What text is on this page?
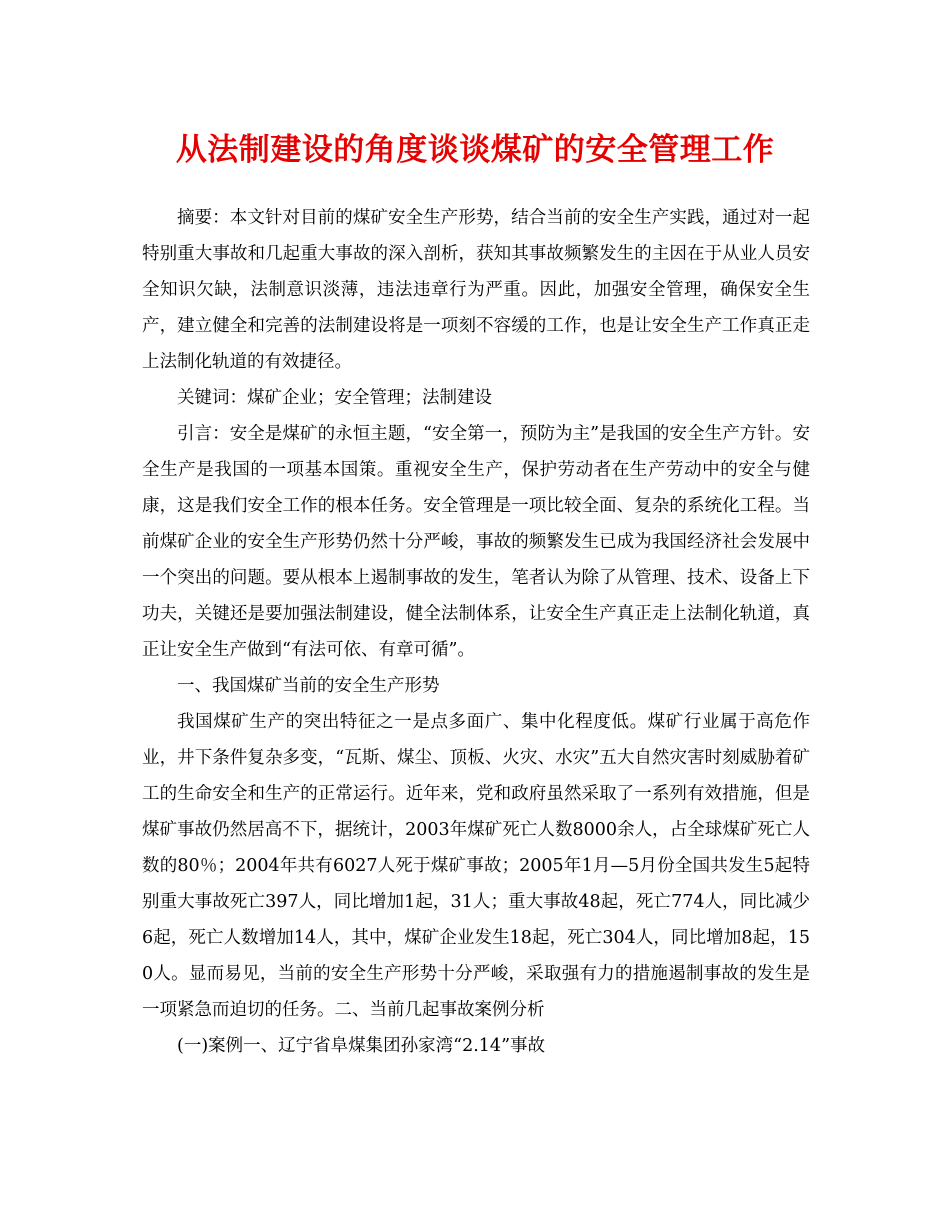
从法制建设的角度谈谈煤矿的安全管理工作

摘要：本文针对目前的煤矿安全生产形势，结合当前的安全生产实践，通过对一起特别重大事故和几起重大事故的深入剖析，获知其事故频繁发生的主因在于从业人员安全知识欠缺，法制意识淡薄，违法违章行为严重。因此，加强安全管理，确保安全生产，建立健全和完善的法制建设将是一项刻不容缓的工作，也是让安全生产工作真正走上法制化轨道的有效捷径。

关键词：煤矿企业；安全管理；法制建设

引言：安全是煤矿的永恒主题，“安全第一，预防为主”是我国的安全生产方针。安全生产是我国的一项基本国策。重视安全生产，保护劳动者在生产劳动中的安全与健康，这是我们安全工作的根本任务。安全管理是一项比较全面、复杂的系统化工程。当前煤矿企业的安全生产形势仍然十分严峻，事故的频繁发生已成为我国经济社会发展中一个突出的问题。要从根本上遏制事故的发生，笔者认为除了从管理、技术、设备上下功夫，关键还是要加强法制建设，健全法制体系，让安全生产真正走上法制化轨道，真正让安全生产做到“有法可依、有章可循”。

一、我国煤矿当前的安全生产形势

我国煤矿生产的突出特征之一是点多面广、集中化程度低。煤矿行业属于高危作业，井下条件复杂多变，“瓦斯、煤尘、顶板、火灾、水灾”五大自然灾害时刻威胁着矿工的生命安全和生产的正常运行。近年来，党和政府虽然采取了一系列有效措施，但是煤矿事故仍然居高不下，据统计，2003年煤矿死亡人数8000余人，占全球煤矿死亡人数的80％；2004年共有6027人死于煤矿事故；2005年1月—5月份全国共发生5起特别重大事故死亡397人，同比增加1起，31人；重大事故48起，死亡774人，同比减少6起，死亡人数增加14人，其中，煤矿企业发生18起，死亡304人，同比增加8起，150人。显而易见，当前的安全生产形势十分严峻，采取强有力的措施遏制事故的发生是一项紧急而迫切的任务。二、当前几起事故案例分析

(一)案例一、辽宁省阜煤集团孙家湾“2.14”事故
